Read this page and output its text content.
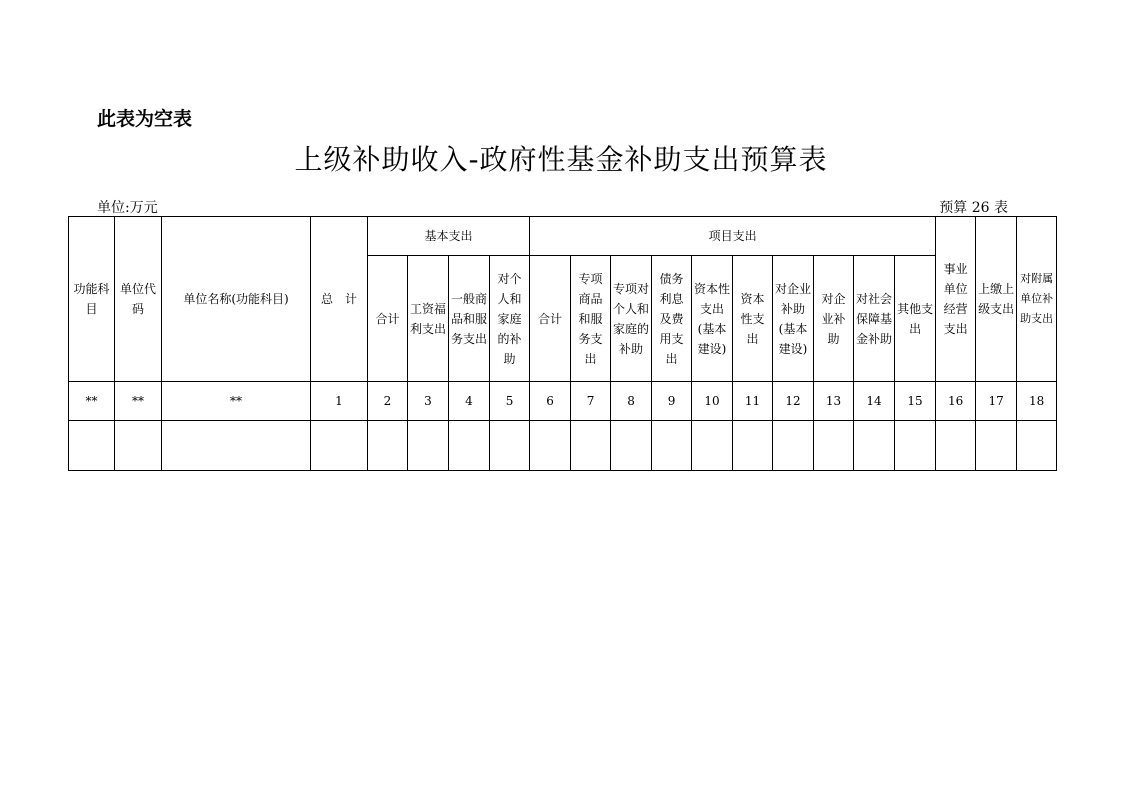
此表为空表
上级补助收入-政府性基金补助支出预算表
单位:万元	预算 26 表
功能科目	单位代码	单位名称(功能科目)	总　计	基本支出				项目支出										事业单位经营支出	上缴上级支出	对附属单位补助支出
				合计	工资福利支出	一般商品和服务支出	对个人和家庭的补助	合计	专项商品和服务支出	专项对个人和家庭的补助	债务利息及费用支出	资本性支出(基本建设)	资本性支出	对企业补助(基本建设)	对企业补助	对社会保障基金补助	其他支出			
**	**	**	1	2	3	4	5	6	7	8	9	10	11	12	13	14	15	16	17	18
